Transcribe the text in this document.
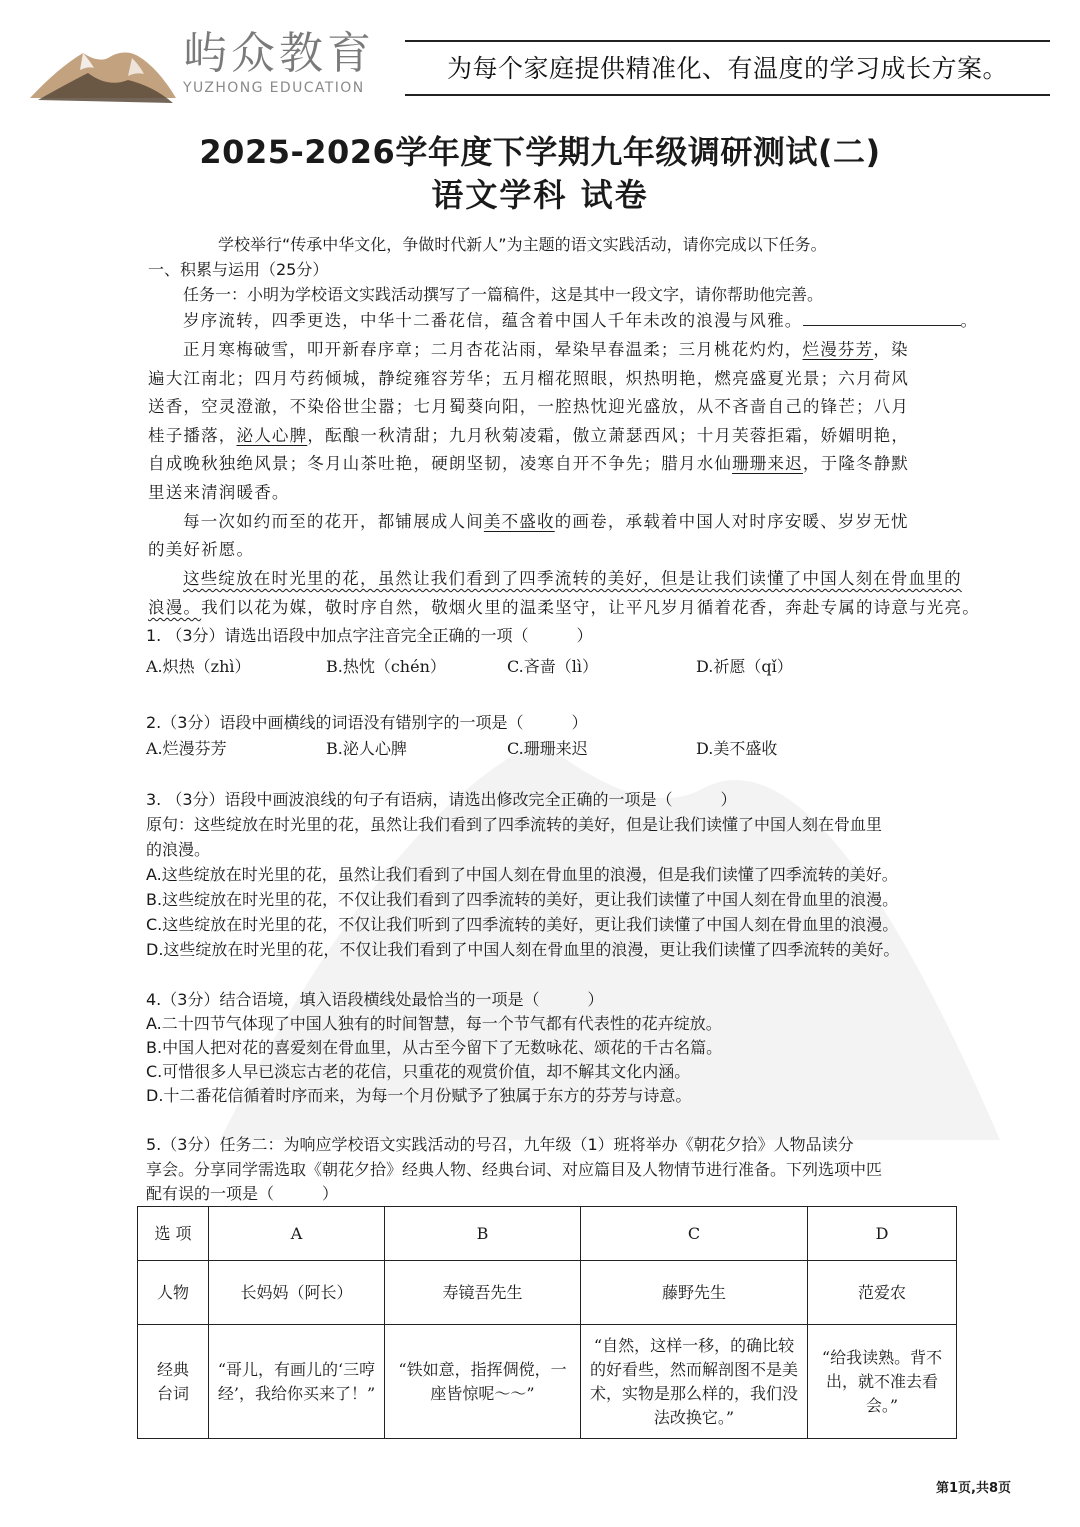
屿众教育
YUZHONG EDUCATION
为每个家庭提供精准化、有温度的学习成长方案。
2025-2026学年度下学期九年级调研测试(二)
语文学科 试卷
学校举行“传承中华文化，争做时代新人”为主题的语文实践活动，请你完成以下任务。
一、积累与运用（25分）
任务一：小明为学校语文实践活动撰写了一篇稿件，这是其中一段文字，请你帮助他完善。
岁序流转，四季更迭，中华十二番花信，蕴含着中国人千年未改的浪漫与风雅。	。
正月寒梅破雪，叩开新春序章；二月杏花沾雨，晕染早春温柔；三月桃花灼灼，烂漫芬芳，染
遍大江南北；四月芍药倾城，静绽雍容芳华；五月榴花照眼，炽热明艳，燃亮盛夏光景；六月荷风
送香，空灵澄澈，不染俗世尘嚣；七月蜀葵向阳，一腔热忱迎光盛放，从不吝啬自己的锋芒；八月
桂子播落，泌人心脾，酝酿一秋清甜；九月秋菊凌霜，傲立萧瑟西风；十月芙蓉拒霜，娇媚明艳，
自成晚秋独绝风景；冬月山茶吐艳，硬朗坚韧，凌寒自开不争先；腊月水仙珊珊来迟，于隆冬静默
里送来清润暖香。
每一次如约而至的花开，都铺展成人间美不盛收的画卷，承载着中国人对时序安暖、岁岁无忧
的美好祈愿。
这些绽放在时光里的花，虽然让我们看到了四季流转的美好，但是让我们读懂了中国人刻在骨血里的
浪漫。我们以花为媒，敬时序自然，敬烟火里的温柔坚守，让平凡岁月循着花香，奔赴专属的诗意与光亮。
1. （3分）请选出语段中加点字注音完全正确的一项（　　　）
A.炽热（zhì）	B.热忱（chén）	C.吝啬（lì）	D.祈愿（qǐ）
2.（3分）语段中画横线的词语没有错别字的一项是（　　　）
A.烂漫芬芳	B.泌人心脾	C.珊珊来迟	D.美不盛收
3. （3分）语段中画波浪线的句子有语病，请选出修改完全正确的一项是（　　　）
原句：这些绽放在时光里的花，虽然让我们看到了四季流转的美好，但是让我们读懂了中国人刻在骨血里
的浪漫。
A.这些绽放在时光里的花，虽然让我们看到了中国人刻在骨血里的浪漫，但是我们读懂了四季流转的美好。
B.这些绽放在时光里的花，不仅让我们看到了四季流转的美好，更让我们读懂了中国人刻在骨血里的浪漫。
C.这些绽放在时光里的花，不仅让我们听到了四季流转的美好，更让我们读懂了中国人刻在骨血里的浪漫。
D.这些绽放在时光里的花，不仅让我们看到了中国人刻在骨血里的浪漫，更让我们读懂了四季流转的美好。
4.（3分）结合语境，填入语段横线处最恰当的一项是（　　　）
A.二十四节气体现了中国人独有的时间智慧，每一个节气都有代表性的花卉绽放。
B.中国人把对花的喜爱刻在骨血里，从古至今留下了无数咏花、颂花的千古名篇。
C.可惜很多人早已淡忘古老的花信，只重花的观赏价值，却不解其文化内涵。
D.十二番花信循着时序而来，为每一个月份赋予了独属于东方的芬芳与诗意。
5.（3分）任务二：为响应学校语文实践活动的号召，九年级（1）班将举办《朝花夕拾》人物品读分
享会。分享同学需选取《朝花夕拾》经典人物、经典台词、对应篇目及人物情节进行准备。下列选项中匹
配有误的一项是（　　　）
选 项	A	B	C	D
人物	长妈妈（阿长）	寿镜吾先生	藤野先生	范爱农

经典
台词	“哥儿，有画儿的‘三哼经’，我给你买来了！”	“铁如意，指挥倜傥，一座皆惊呢～～”	“自然，这样一移，的确比较的好看些，然而解剖图不是美术，实物是那么样的，我们没法改换它。”	“给我读熟。背不出，就不准去看会。”
第1页,共8页
